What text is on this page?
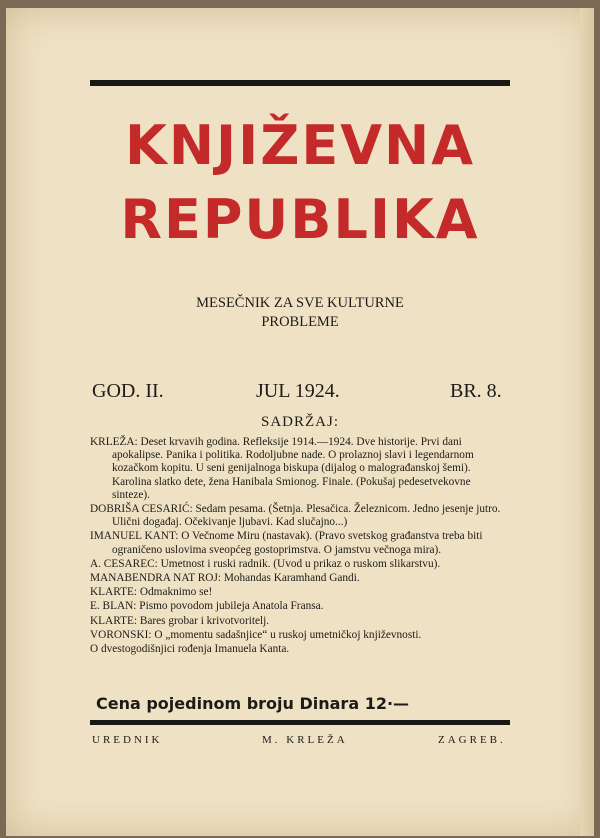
KNJIŽEVNA
REPUBLIKA
MESEČNIK ZA SVE KULTURNE
PROBLEME
GOD. II.	JUL 1924.	BR. 8.
SADRŽAJ:
KRLEŽA: Deset krvavih godina. Refleksije 1914.—1924. Dve historije. Prvi dani apokalipse. Panika i politika. Rodoljubne nade. O prolaznoj slavi i legendarnom kozačkom kopitu. U seni genijalnoga biskupa (dijalog o malograđanskoj šemi). Karolina slatko dete, žena Hanibala Smionog. Finale. (Pokušaj pedesetvekovne sinteze).
DOBRIŠA CESARIĆ: Sedam pesama. (Šetnja. Plesačica. Železnicom. Jedno jesenje jutro. Ulični događaj. Očekivanje ljubavi. Kad slučajno...)
IMANUEL KANT: O Večnome Miru (nastavak). (Pravo svetskog građanstva treba biti ograničeno uslovima sveopćeg gostoprimstva. O jamstvu večnoga mira).
A. CESAREC: Umetnost i ruski radnik. (Uvod u prikaz o ruskom slikarstvu).
MANABENDRA NAT ROJ: Mohandas Karamhand Gandi.
KLARTE: Odmaknimo se!
E. BLAN: Pismo povodom jubileja Anatola Fransa.
KLARTE: Bares grobar i krivotvoritelj.
VORONSKI: O „momentu sadašnjice“ u ruskoj umetničkoj književnosti.
O dvestogodišnjici rođenja Imanuela Kanta.
Cena pojedinom broju Dinara 12·—
UREDNIK	M. KRLEŽA	ZAGREB.
